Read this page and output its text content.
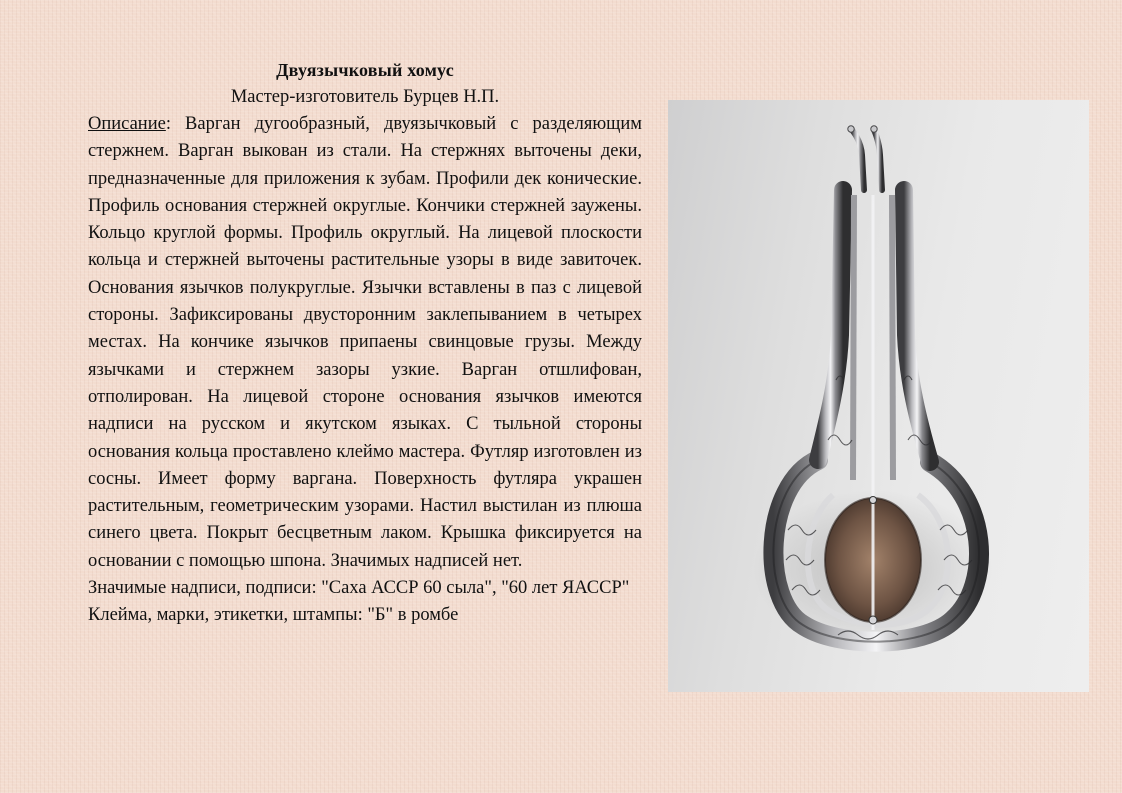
Двуязычковый хомус
Мастер-изготовитель Бурцев Н.П.

Описание: Варган дугообразный, двуязычковый с разделяющим стержнем. Варган выкован из стали. На стержнях выточены деки, предназначенные для приложения к зубам. Профили дек конические. Профиль основания стержней округлые. Кончики стержней заужены. Кольцо круглой формы. Профиль округлый. На лицевой плоскости кольца и стержней выточены растительные узоры в виде завиточек. Основания язычков полукруглые. Язычки вставлены в паз с лицевой стороны. Зафиксированы двусторонним заклепыванием в четырех местах. На кончике язычков припаены свинцовые грузы. Между язычками и стержнем зазоры узкие. Варган отшлифован, отполирован. На лицевой стороне основания язычков имеются надписи на русском и якутском языках. С тыльной стороны основания кольца проставлено клеймо мастера. Футляр изготовлен из сосны. Имеет форму варгана. Поверхность футляра украшен растительным, геометрическим узорами. Настил выстилан из плюша синего цвета. Покрыт бесцветным лаком. Крышка фиксируется на основании с помощью шпона. Значимых надписей нет.

Значимые надписи, подписи: "Саха АССР 60 сыла", "60 лет ЯАССР"

Клейма, марки, этикетки, штампы: "Б" в ромбе
